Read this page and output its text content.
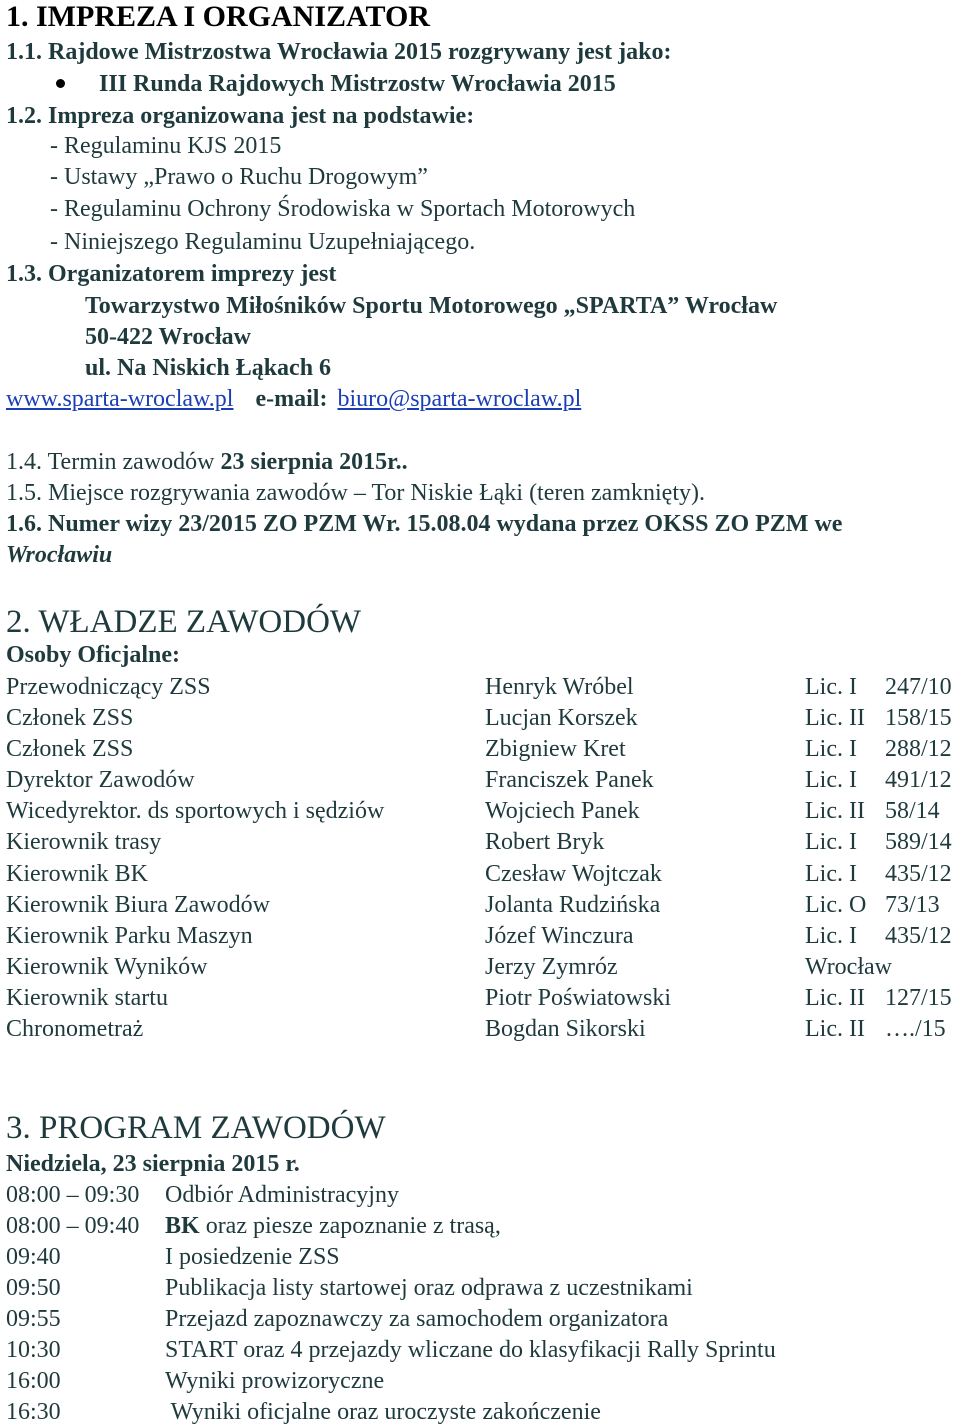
1. IMPREZA I ORGANIZATOR
1.1. Rajdowe Mistrzostwa Wrocławia 2015 rozgrywany jest jako:
III Runda Rajdowych Mistrzostw Wrocławia 2015
1.2. Impreza organizowana jest na podstawie:
- Regulaminu KJS 2015
- Ustawy „Prawo o Ruchu Drogowym”
- Regulaminu Ochrony Środowiska w Sportach Motorowych
- Niniejszego Regulaminu Uzupełniającego.
1.3. Organizatorem imprezy jest
Towarzystwo Miłośników Sportu Motorowego „SPARTA” Wrocław
50-422 Wrocław
ul. Na Niskich Łąkach 6
www.sparta-wroclaw.pl e-mail: biuro@sparta-wroclaw.pl
1.4. Termin zawodów 23 sierpnia 2015r..
1.5. Miejsce rozgrywania zawodów – Tor Niskie Łąki (teren zamknięty).
1.6. Numer wizy 23/2015 ZO PZM Wr. 15.08.04 wydana przez OKSS ZO PZM we
Wrocławiu
2. WŁADZE ZAWODÓW
Osoby Oficjalne:
Przewodniczący ZSS	Henryk Wróbel	Lic. I 247/10
Członek ZSS	Lucjan Korszek	Lic. II 158/15
Członek ZSS	Zbigniew Kret	Lic. I 288/12
Dyrektor Zawodów	Franciszek Panek	Lic. I 491/12
Wicedyrektor. ds sportowych i sędziów	Wojciech Panek	Lic. II 58/14
Kierownik trasy	Robert Bryk	Lic. I 589/14
Kierownik BK	Czesław Wojtczak	Lic. I 435/12
Kierownik Biura Zawodów	Jolanta Rudzińska	Lic. O 73/13
Kierownik Parku Maszyn	Józef Winczura	Lic. I 435/12
Kierownik Wyników	Jerzy Zymróz	Wrocław
Kierownik startu	Piotr Poświatowski	Lic. II 127/15
Chronometraż	Bogdan Sikorski	Lic. II …./15
3. PROGRAM ZAWODÓW
Niedziela, 23 sierpnia 2015 r.
08:00 – 09:30 Odbiór Administracyjny
08:00 – 09:40 BK oraz piesze zapoznanie z trasą,
09:40	I posiedzenie ZSS
09:50	Publikacja listy startowej oraz odprawa z uczestnikami
09:55	Przejazd zapoznawczy za samochodem organizatora
10:30	START oraz 4 przejazdy wliczane do klasyfikacji Rally Sprintu
16:00	Wyniki prowizoryczne
16:30	Wyniki oficjalne oraz uroczyste zakończenie
